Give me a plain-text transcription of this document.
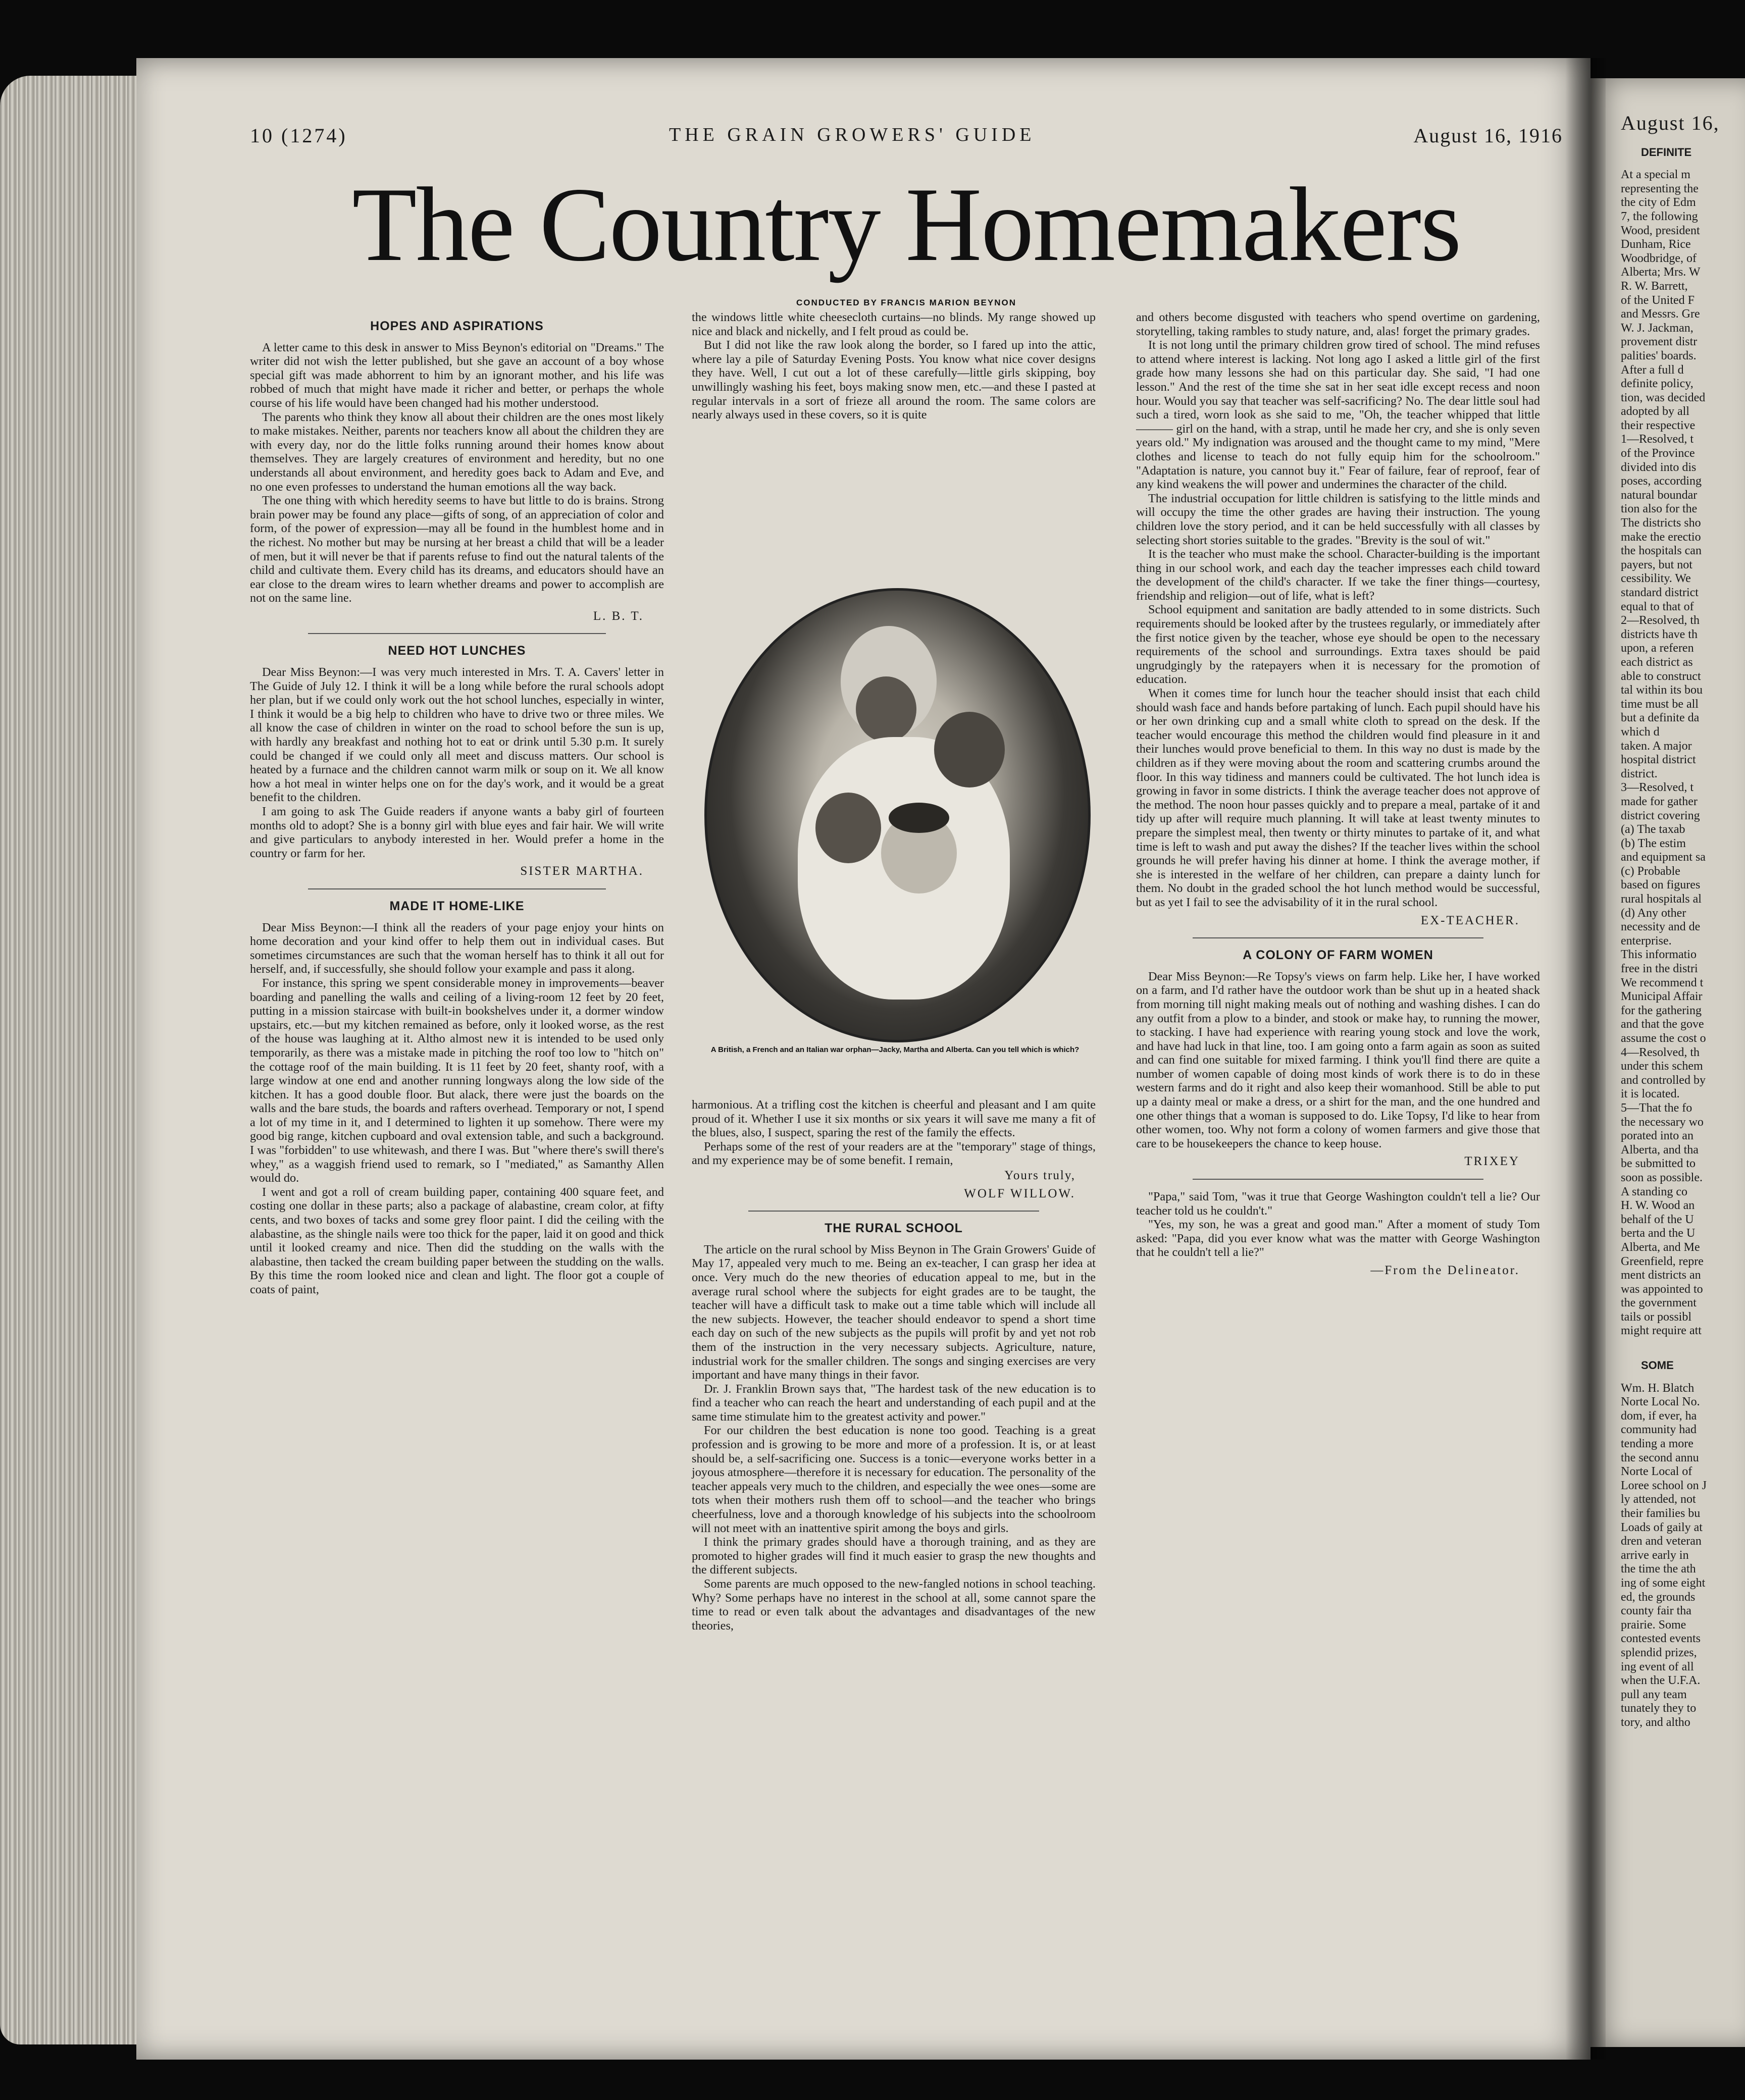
10 (1274)	THE GRAIN GROWERS' GUIDE	August 16, 1916
The Country Homemakers
CONDUCTED BY FRANCIS MARION BEYNON
HOPES AND ASPIRATIONS

A letter came to this desk in answer to Miss Beynon's editorial on "Dreams." The writer did not wish the letter published, but she gave an account of a boy whose special gift was made abhorrent to him by an ignorant mother, and his life was robbed of much that might have made it richer and better, or perhaps the whole course of his life would have been changed had his mother understood.

The parents who think they know all about their children are the ones most likely to make mistakes. Neither, parents nor teachers know all about the children they are with every day, nor do the little folks running around their homes know about themselves. They are largely creatures of environment and heredity, but no one understands all about environment, and heredity goes back to Adam and Eve, and no one even professes to understand the human emotions all the way back.

The one thing with which heredity seems to have but little to do is brains. Strong brain power may be found any place—gifts of song, of an appreciation of color and form, of the power of expression—may all be found in the humblest home and in the richest. No mother but may be nursing at her breast a child that will be a leader of men, but it will never be that if parents refuse to find out the natural talents of the child and cultivate them. Every child has its dreams, and educators should have an ear close to the dream wires to learn whether dreams and power to accomplish are not on the same line.

L. B. T.

NEED HOT LUNCHES

Dear Miss Beynon:—I was very much interested in Mrs. T. A. Cavers' letter in The Guide of July 12. I think it will be a long while before the rural schools adopt her plan, but if we could only work out the hot school lunches, especially in winter, I think it would be a big help to children who have to drive two or three miles. We all know the case of children in winter on the road to school before the sun is up, with hardly any breakfast and nothing hot to eat or drink until 5.30 p.m. It surely could be changed if we could only all meet and discuss matters. Our school is heated by a furnace and the children cannot warm milk or soup on it. We all know how a hot meal in winter helps one on for the day's work, and it would be a great benefit to the children.

I am going to ask The Guide readers if anyone wants a baby girl of fourteen months old to adopt? She is a bonny girl with blue eyes and fair hair. We will write and give particulars to anybody interested in her. Would prefer a home in the country or farm for her.

SISTER MARTHA.

MADE IT HOME-LIKE

Dear Miss Beynon:—I think all the readers of your page enjoy your hints on home decoration and your kind offer to help them out in individual cases. But sometimes circumstances are such that the woman herself has to think it all out for herself, and, if successfully, she should follow your example and pass it along.

For instance, this spring we spent considerable money in improvements—beaver boarding and panelling the walls and ceiling of a living-room 12 feet by 20 feet, putting in a mission staircase with built-in bookshelves under it, a dormer window upstairs, etc.—but my kitchen remained as before, only it looked worse, as the rest of the house was laughing at it. Altho almost new it is intended to be used only temporarily, as there was a mistake made in pitching the roof too low to "hitch on" the cottage roof of the main building. It is 11 feet by 20 feet, shanty roof, with a large window at one end and another running longways along the low side of the kitchen. It has a good double floor. But alack, there were just the boards on the walls and the bare studs, the boards and rafters overhead. Temporary or not, I spend a lot of my time in it, and I determined to lighten it up somehow. There were my good big range, kitchen cupboard and oval extension table, and such a background. I was "forbidden" to use whitewash, and there I was. But "where there's swill there's whey," as a waggish friend used to remark, so I "mediated," as Samanthy Allen would do.

I went and got a roll of cream building paper, containing 400 square feet, and costing one dollar in these parts; also a package of alabastine, cream color, at fifty cents, and two boxes of tacks and some grey floor paint. I did the ceiling with the alabastine, as the shingle nails were too thick for the paper, laid it on good and thick until it looked creamy and nice. Then did the studding on the walls with the alabastine, then tacked the cream building paper between the studding on the walls. By this time the room looked nice and clean and light. The floor got a couple of coats of paint,

the windows little white cheesecloth curtains—no blinds. My range showed up nice and black and nickelly, and I felt proud as could be.

But I did not like the raw look along the border, so I fared up into the attic, where lay a pile of Saturday Evening Posts. You know what nice cover designs they have. Well, I cut out a lot of these carefully—little girls skipping, boy unwillingly washing his feet, boys making snow men, etc.—and these I pasted at regular intervals in a sort of frieze all around the room. The same colors are nearly always used in these covers, so it is quite

A British, a French and an Italian war orphan—Jacky, Martha and Alberta. Can you tell which is which?

harmonious. At a trifling cost the kitchen is cheerful and pleasant and I am quite proud of it. Whether I use it six months or six years it will save me many a fit of the blues, also, I suspect, sparing the rest of the family the effects.

Perhaps some of the rest of your readers are at the "temporary" stage of things, and my experience may be of some benefit. I remain,

Yours truly,

WOLF WILLOW.

THE RURAL SCHOOL

The article on the rural school by Miss Beynon in The Grain Growers' Guide of May 17, appealed very much to me. Being an ex-teacher, I can grasp her idea at once. Very much do the new theories of education appeal to me, but in the average rural school where the subjects for eight grades are to be taught, the teacher will have a difficult task to make out a time table which will include all the new subjects. However, the teacher should endeavor to spend a short time each day on such of the new subjects as the pupils will profit by and yet not rob them of the instruction in the very necessary subjects. Agriculture, nature, industrial work for the smaller children. The songs and singing exercises are very important and have many things in their favor.

Dr. J. Franklin Brown says that, "The hardest task of the new education is to find a teacher who can reach the heart and understanding of each pupil and at the same time stimulate him to the greatest activity and power."

For our children the best education is none too good. Teaching is a great profession and is growing to be more and more of a profession. It is, or at least should be, a self-sacrificing one. Success is a tonic—everyone works better in a joyous atmosphere—therefore it is necessary for education. The personality of the teacher appeals very much to the children, and especially the wee ones—some are tots when their mothers rush them off to school—and the teacher who brings cheerfulness, love and a thorough knowledge of his subjects into the schoolroom will not meet with an inattentive spirit among the boys and girls.

I think the primary grades should have a thorough training, and as they are promoted to higher grades will find it much easier to grasp the new thoughts and the different subjects.

Some parents are much opposed to the new-fangled notions in school teaching. Why? Some perhaps have no interest in the school at all, some cannot spare the time to read or even talk about the advantages and disadvantages of the new theories,

and others become disgusted with teachers who spend overtime on gardening, storytelling, taking rambles to study nature, and, alas! forget the primary grades.

It is not long until the primary children grow tired of school. The mind refuses to attend where interest is lacking. Not long ago I asked a little girl of the first grade how many lessons she had on this particular day. She said, "I had one lesson." And the rest of the time she sat in her seat idle except recess and noon hour. Would you say that teacher was self-sacrificing? No. The dear little soul had such a tired, worn look as she said to me, "Oh, the teacher whipped that little ——— girl on the hand, with a strap, until he made her cry, and she is only seven years old." My indignation was aroused and the thought came to my mind, "Mere clothes and license to teach do not fully equip him for the schoolroom." "Adaptation is nature, you cannot buy it." Fear of failure, fear of reproof, fear of any kind weakens the will power and undermines the character of the child.

The industrial occupation for little children is satisfying to the little minds and will occupy the time the other grades are having their instruction. The young children love the story period, and it can be held successfully with all classes by selecting short stories suitable to the grades. "Brevity is the soul of wit."

It is the teacher who must make the school. Character-building is the important thing in our school work, and each day the teacher impresses each child toward the development of the child's character. If we take the finer things—courtesy, friendship and religion—out of life, what is left?

School equipment and sanitation are badly attended to in some districts. Such requirements should be looked after by the trustees regularly, or immediately after the first notice given by the teacher, whose eye should be open to the necessary requirements of the school and surroundings. Extra taxes should be paid ungrudgingly by the ratepayers when it is necessary for the promotion of education.

When it comes time for lunch hour the teacher should insist that each child should wash face and hands before partaking of lunch. Each pupil should have his or her own drinking cup and a small white cloth to spread on the desk. If the teacher would encourage this method the children would find pleasure in it and their lunches would prove beneficial to them. In this way no dust is made by the children as if they were moving about the room and scattering crumbs around the floor. In this way tidiness and manners could be cultivated. The hot lunch idea is growing in favor in some districts. I think the average teacher does not approve of the method. The noon hour passes quickly and to prepare a meal, partake of it and tidy up after will require much planning. It will take at least twenty minutes to prepare the simplest meal, then twenty or thirty minutes to partake of it, and what time is left to wash and put away the dishes? If the teacher lives within the school grounds he will prefer having his dinner at home. I think the average mother, if she is interested in the welfare of her children, can prepare a dainty lunch for them. No doubt in the graded school the hot lunch method would be successful, but as yet I fail to see the advisability of it in the rural school.

EX-TEACHER.

A COLONY OF FARM WOMEN

Dear Miss Beynon:—Re Topsy's views on farm help. Like her, I have worked on a farm, and I'd rather have the outdoor work than be shut up in a heated shack from morning till night making meals out of nothing and washing dishes. I can do any outfit from a plow to a binder, and stook or make hay, to running the mower, to stacking. I have had experience with rearing young stock and love the work, and have had luck in that line, too. I am going onto a farm again as soon as suited and can find one suitable for mixed farming. I think you'll find there are quite a number of women capable of doing most kinds of work there is to do in these western farms and do it right and also keep their womanhood. Still be able to put up a dainty meal or make a dress, or a shirt for the man, and the one hundred and one other things that a woman is supposed to do. Like Topsy, I'd like to hear from other women, too. Why not form a colony of women farmers and give those that care to be housekeepers the chance to keep house.

TRIXEY

"Papa," said Tom, "was it true that George Washington couldn't tell a lie? Our teacher told us he couldn't."

"Yes, my son, he was a great and good man." After a moment of study Tom asked: "Papa, did you ever know what was the matter with George Washington that he couldn't tell a lie?"

—From the Delineator.

August 16,
DEFINITE
At a special m
representing the
the city of Edm
7, the following
Wood, president
Dunham, Rice
Woodbridge, of
Alberta; Mrs. W
R. W. Barrett,
of the United F
and Messrs. Gre
W. J. Jackman,
provement distr
palities' boards.
After a full d
definite policy,
tion, was decided
adopted by all
their respective
1—Resolved, t
of the Province
divided into dis
poses, according
natural boundar
tion also for the
The districts sho
make the erectio
the hospitals can
payers, but not
cessibility. We
standard district
equal to that of
2—Resolved, th
districts have th
upon, a referen
each district as
able to construct
tal within its bou
time must be all
but a definite da
which d
taken. A major
hospital district
district.
3—Resolved, t
made for gather
district covering
(a) The taxab
(b) The estim
and equipment sa
(c) Probable
based on figures
rural hospitals al
(d) Any other
necessity and de
enterprise.
This informatio
free in the distri
We recommend t
Municipal Affair
for the gathering
and that the gove
assume the cost o
4—Resolved, th
under this schem
and controlled by
it is located.
5—That the fo
the necessary wo
porated into an
Alberta, and tha
be submitted to
soon as possible.
A standing co
H. W. Wood an
behalf of the U
berta and the U
Alberta, and Me
Greenfield, repre
ment districts an
was appointed to
the government
tails or possibl
might require att
SOME
Wm. H. Blatch
Norte Local No.
dom, if ever, ha
community had
tending a more
the second annu
Norte Local of
Loree school on J
ly attended, not
their families bu
Loads of gaily at
dren and veteran
arrive early in
the time the ath
ing of some eight
ed, the grounds
county fair tha
prairie. Some
contested events
splendid prizes,
ing event of all
when the U.F.A.
pull any team
tunately they to
tory, and altho
